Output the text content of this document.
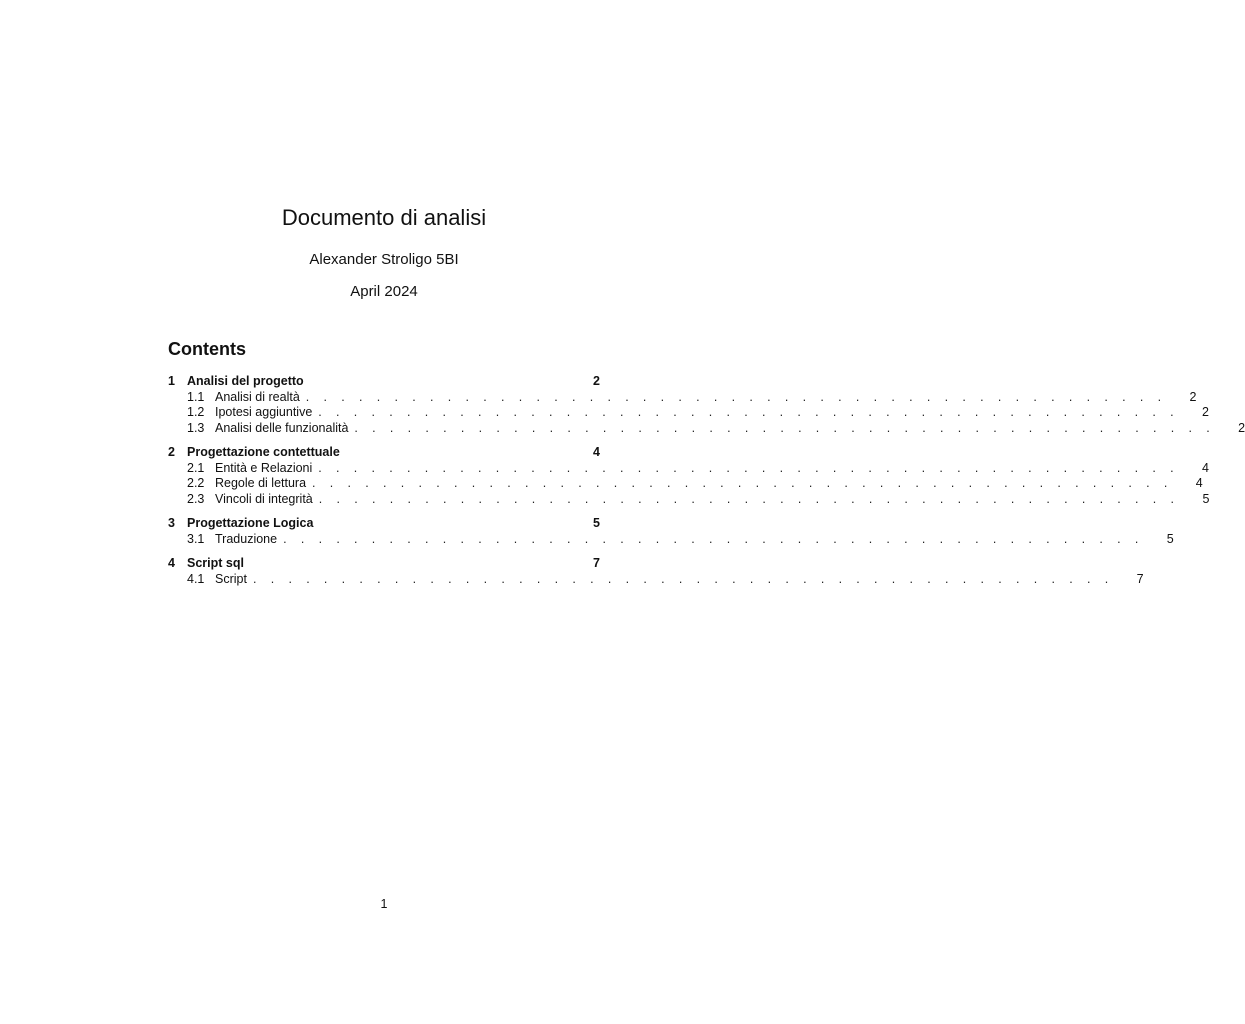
Documento di analisi
Alexander Stroligo 5BI
April 2024
Contents
1 Analisi del progetto	2
1.1 Analisi di realtà . . . . . . . . . . . . . . . . . . . . . . . . . . . . . . . . . . . . . . . . . . . . . . . . .	2
1.2 Ipotesi aggiuntive . . . . . . . . . . . . . . . . . . . . . . . . . . . . . . . . . . . . . . . . . . . . . . . . .	2
1.3 Analisi delle funzionalità . . . . . . . . . . . . . . . . . . . . . . . . . . . . . . . . . . . . . . . . . . . . . . . . .	2
2 Progettazione contettuale	4
2.1 Entità e Relazioni . . . . . . . . . . . . . . . . . . . . . . . . . . . . . . . . . . . . . . . . . . . . . . . . .	4
2.2 Regole di lettura . . . . . . . . . . . . . . . . . . . . . . . . . . . . . . . . . . . . . . . . . . . . . . . . .	4
2.3 Vincoli di integrità . . . . . . . . . . . . . . . . . . . . . . . . . . . . . . . . . . . . . . . . . . . . . . . . .	5
3 Progettazione Logica	5
3.1 Traduzione . . . . . . . . . . . . . . . . . . . . . . . . . . . . . . . . . . . . . . . . . . . . . . . . .	5
4 Script sql	7
4.1 Script . . . . . . . . . . . . . . . . . . . . . . . . . . . . . . . . . . . . . . . . . . . . . . . . .	7
1
